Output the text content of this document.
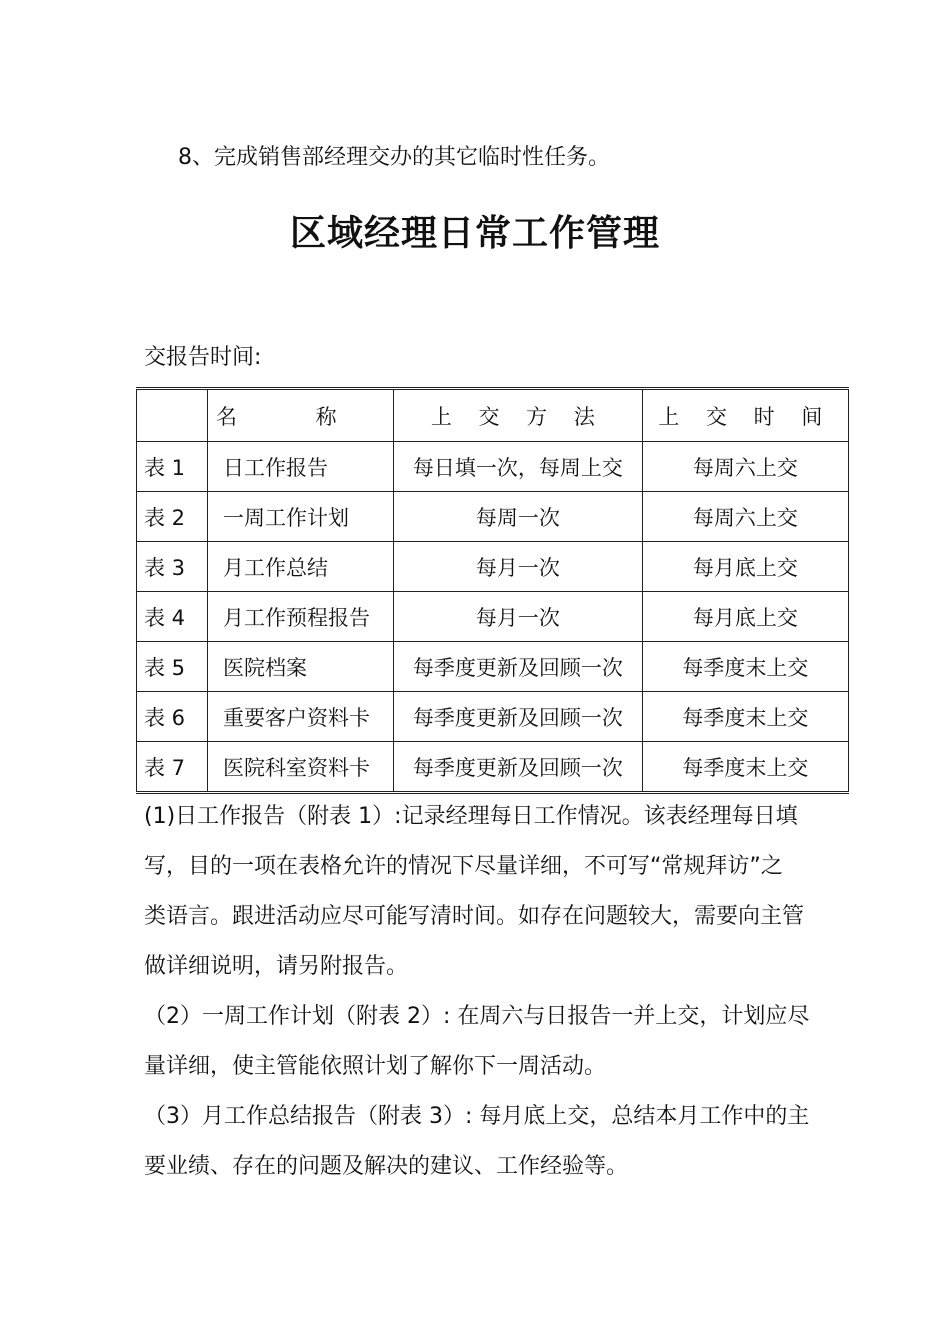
8、完成销售部经理交办的其它临时性任务。
区域经理日常工作管理
交报告时间:
	名 称	上 交 方 法	上 交 时 间
表 1	日工作报告	每日填一次，每周上交	每周六上交
表 2	一周工作计划	每周一次	每周六上交
表 3	月工作总结	每月一次	每月底上交
表 4	月工作预程报告	每月一次	每月底上交
表 5	医院档案	每季度更新及回顾一次	每季度末上交
表 6	重要客户资料卡	每季度更新及回顾一次	每季度末上交
表 7	医院科室资料卡	每季度更新及回顾一次	每季度末上交

(1)日工作报告（附表 1）:记录经理每日工作情况。该表经理每日填

写，目的一项在表格允许的情况下尽量详细，不可写“常规拜访”之

类语言。跟进活动应尽可能写清时间。如存在问题较大，需要向主管

做详细说明，请另附报告。

（2）一周工作计划（附表 2）: 在周六与日报告一并上交，计划应尽

量详细，使主管能依照计划了解你下一周活动。

（3）月工作总结报告（附表 3）: 每月底上交，总结本月工作中的主

要业绩、存在的问题及解决的建议、工作经验等。
